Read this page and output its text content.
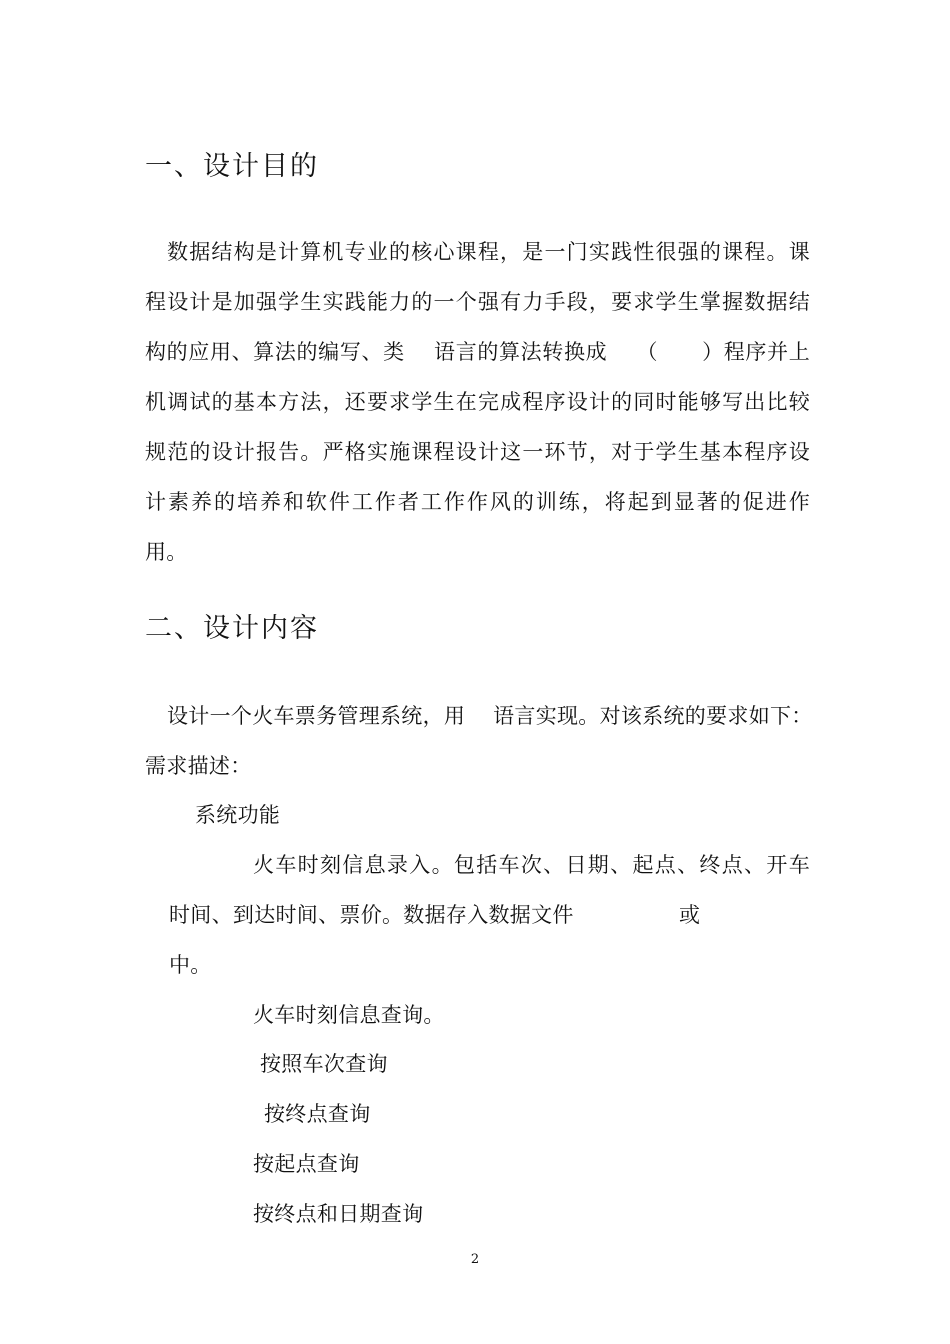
一、设计目的
数据结构是计算机专业的核心课程，是一门实践性很强的课程。课
程设计是加强学生实践能力的一个强有力手段，要求学生掌握数据结
构的应用、算法的编写、类    语言的算法转换成    （      ）程序并上
机调试的基本方法，还要求学生在完成程序设计的同时能够写出比较
规范的设计报告。严格实施课程设计这一环节，对于学生基本程序设
计素养的培养和软件工作者工作作风的训练，将起到显著的促进作
用。
二、设计内容
设计一个火车票务管理系统，用    语言实现。对该系统的要求如下：
需求描述：
系统功能
火车时刻信息录入。包括车次、日期、起点、终点、开车
时间、到达时间、票价。数据存入数据文件	或
中。
火车时刻信息查询。
按照车次查询
按终点查询
按起点查询
按终点和日期查询
2
